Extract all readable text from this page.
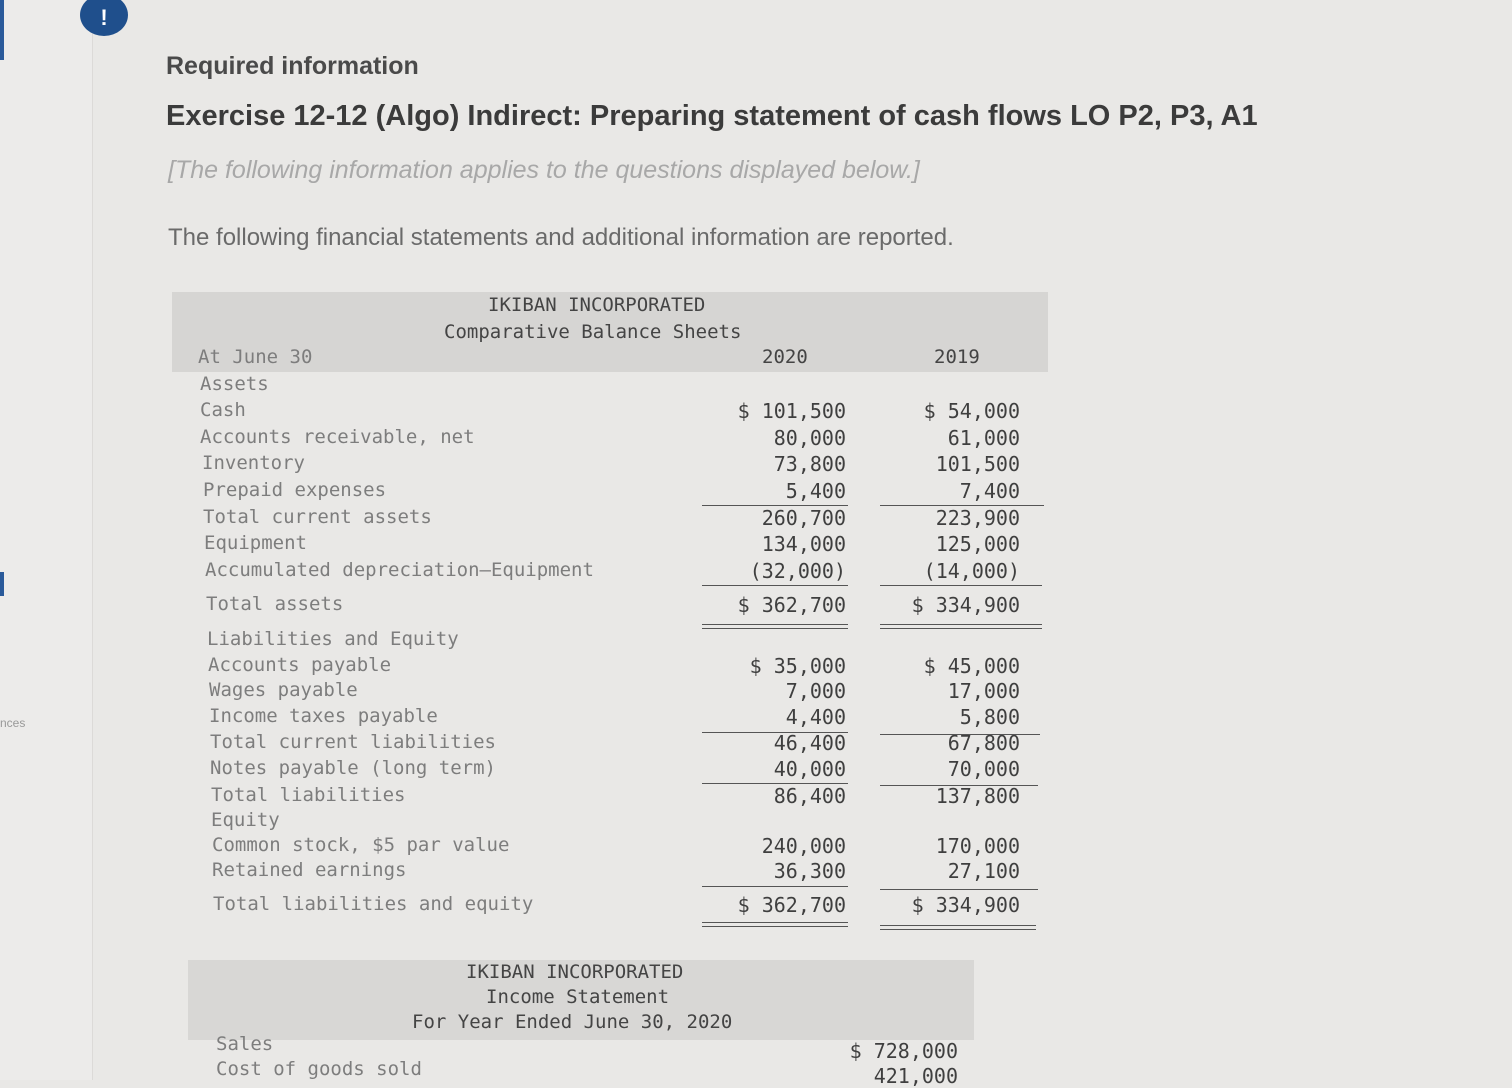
nces
!
Required information
Exercise 12-12 (Algo) Indirect: Preparing statement of cash flows LO P2, P3, A1
[The following information applies to the questions displayed below.]
The following financial statements and additional information are reported.
IKIBAN INCORPORATED
Comparative Balance Sheets
At June 30	2020	2019
Assets
Cash	$ 101,500	$ 54,000
Accounts receivable, net	80,000	61,000
Inventory	73,800	101,500
Prepaid expenses	5,400	7,400
Total current assets	260,700	223,900
Equipment	134,000	125,000
Accumulated depreciation–Equipment	(32,000)	(14,000)
Total assets	$ 362,700	$ 334,900
Liabilities and Equity
Accounts payable	$ 35,000	$ 45,000
Wages payable	7,000	17,000
Income taxes payable	4,400	5,800
Total current liabilities	46,400	67,800
Notes payable (long term)	40,000	70,000
Total liabilities	86,400	137,800
Equity
Common stock, $5 par value	240,000	170,000
Retained earnings	36,300	27,100
Total liabilities and equity	$ 362,700	$ 334,900
IKIBAN INCORPORATED
Income Statement
For Year Ended June 30, 2020
Sales	$ 728,000
Cost of goods sold	421,000
